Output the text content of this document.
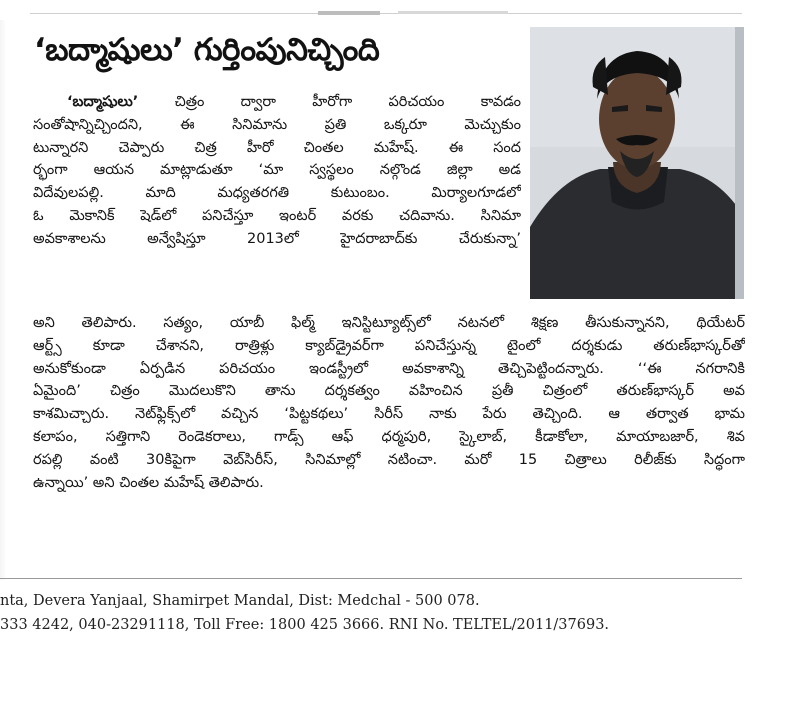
‘బద్మాషులు’ గుర్తింపునిచ్చింది
‘బద్మాషులు’ చిత్రం ద్వారా హీరోగా పరిచయం కావడం
సంతోషాన్నిచ్చిందని, ఈ సినిమాను ప్రతి ఒక్కరూ మెచ్చుకుం
టున్నారని చెప్పారు చిత్ర హీరో చింతల మహేష్. ఈ సంద
ర్భంగా ఆయన మాట్లాడుతూ ‘మా స్వస్థలం నల్గొండ జిల్లా అడ
విదేవులపల్లి. మాది మధ్యతరగతి కుటుంబం. మిర్యాలగూడలో
ఓ మెకానిక్ షెడ్‌లో పనిచేస్తూ ఇంటర్ వరకు చదివాను. సినిమా
అవకాశాలను అన్వేషిస్తూ 2013లో హైదరాబాద్‌కు చేరుకున్నా’
అని తెలిపారు. సత్యం, యాబీ ఫిల్మ్ ఇనిస్టిట్యూట్స్‌లో నటనలో శిక్షణ తీసుకున్నానని, థియేటర్
ఆర్ట్స్ కూడా చేశానని, రాత్రిళ్లు క్యాబ్‌డ్రైవర్‌గా పనిచేస్తున్న టైంలో దర్శకుడు తరుణ్‌భాస్కర్‌తో
అనుకోకుండా ఏర్పడిన పరిచయం ఇండస్ట్రీలో అవకాశాన్ని తెచ్చిపెట్టిందన్నారు. ‘‘ఈ నగరానికి
ఏమైంది’ చిత్రం మొదలుకొని తాను దర్శకత్వం వహించిన ప్రతీ చిత్రంలో తరుణ్‌భాస్కర్ అవ
కాశమిచ్చారు. నెట్‌ఫ్లిక్స్‌లో వచ్చిన ‘పిట్టకథలు’ సిరీస్ నాకు పేరు తెచ్చింది. ఆ తర్వాత భామ
కలాపం, సత్తిగాని రెండెకరాలు, గాడ్స్ ఆఫ్ ధర్మపురి, స్కైలాబ్, కీడాకోలా, మాయాబజార్, శివ
రపల్లి వంటి 30కిపైగా వెబ్‌సిరీస్, సినిమాల్లో నటించా. మరో 15 చిత్రాలు రిలీజ్‌కు సిద్ధంగా
ఉన్నాయి’ అని చింతల మహేష్ తెలిపారు.
nta, Devera Yanjaal, Shamirpet Mandal, Dist: Medchal - 500 078.
333 4242, 040-23291118, Toll Free: 1800 425 3666. RNI No. TELTEL/2011/37693.
